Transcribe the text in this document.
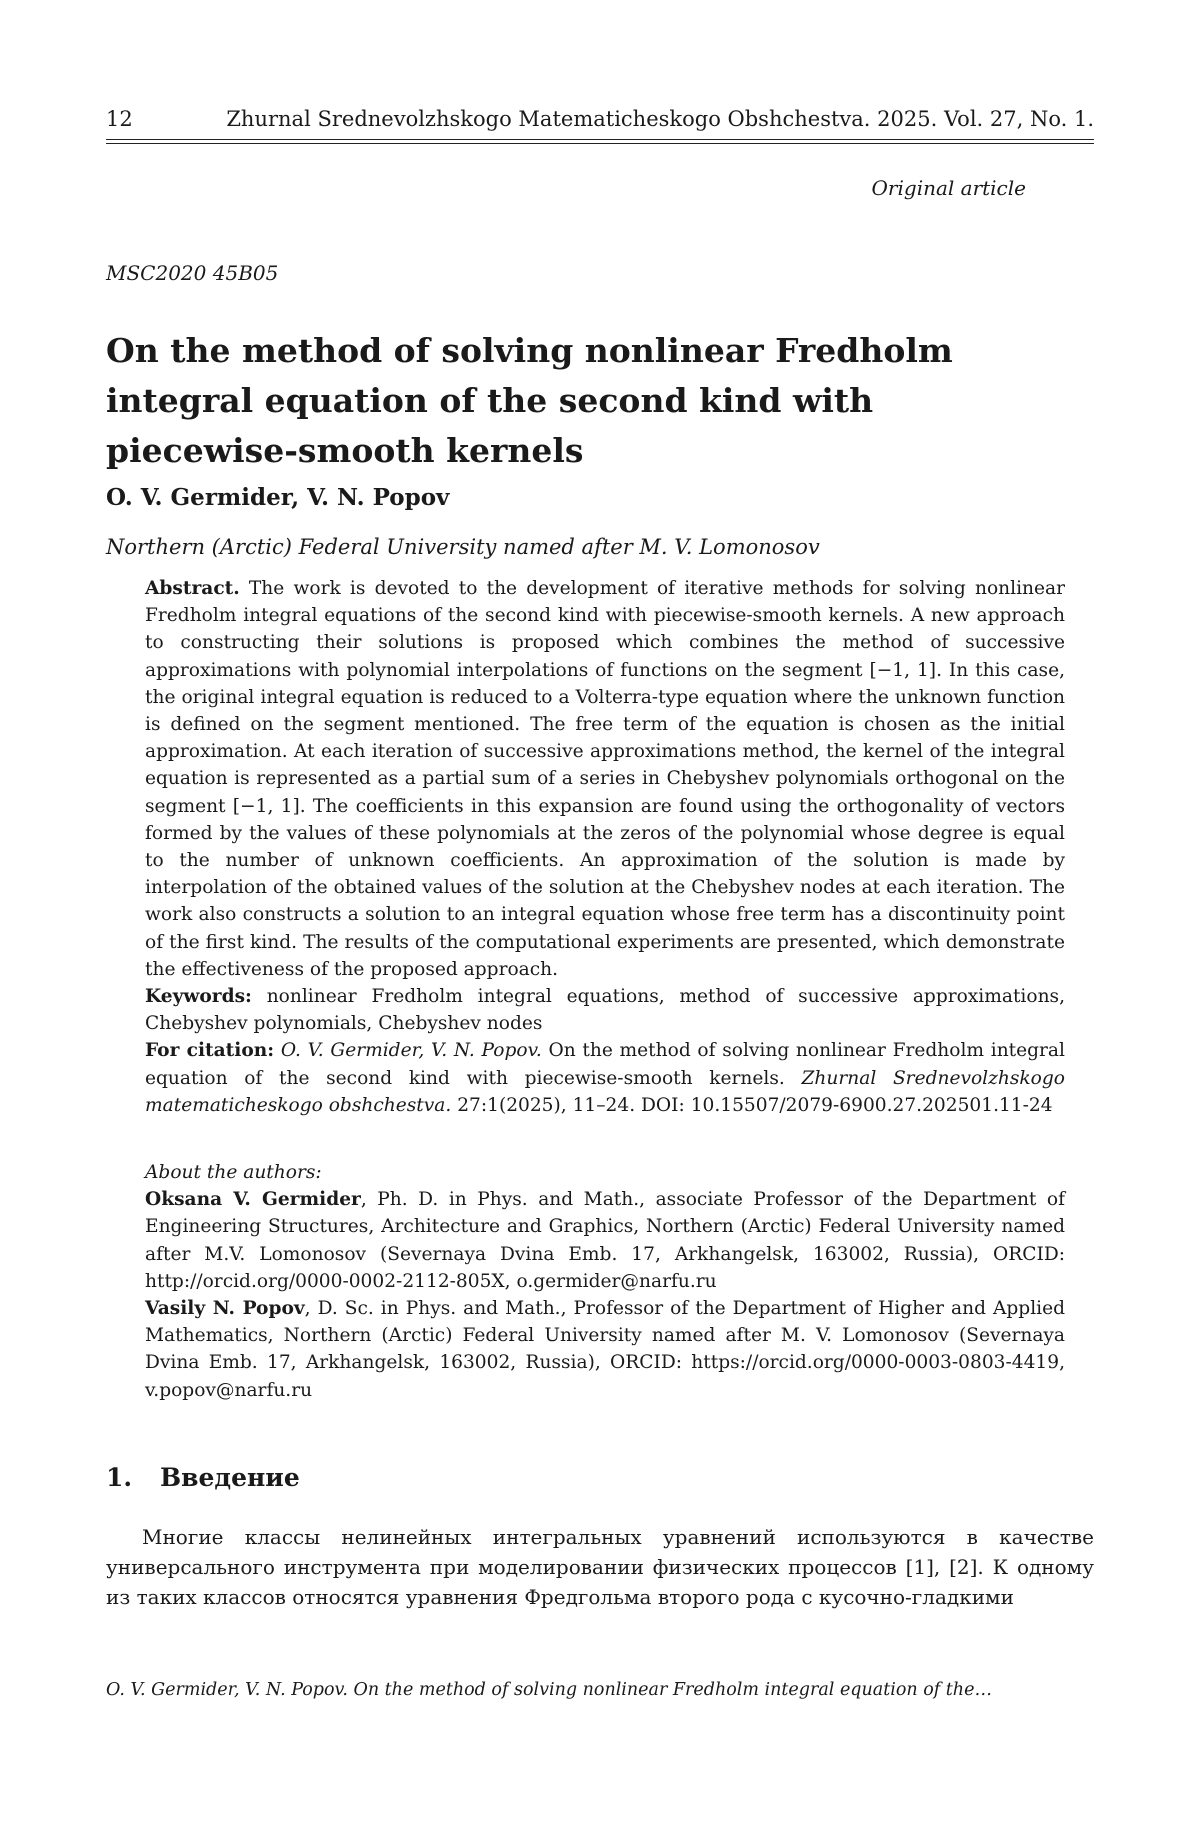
12	Zhurnal Srednevolzhskogo Matematicheskogo Obshchestva. 2025. Vol. 27, No. 1.
Original article
MSC2020 45B05
On the method of solving nonlinear Fredholm integral equation of the second kind with piecewise-smooth kernels
O. V. Germider, V. N. Popov
Northern (Arctic) Federal University named after M. V. Lomonosov

Abstract. The work is devoted to the development of iterative methods for solving nonlinear Fredholm integral equations of the second kind with piecewise-smooth kernels. A new approach to constructing their solutions is proposed which combines the method of successive approximations with polynomial interpolations of functions on the segment [−1, 1]. In this case, the original integral equation is reduced to a Volterra-type equation where the unknown function is defined on the segment mentioned. The free term of the equation is chosen as the initial approximation. At each iteration of successive approximations method, the kernel of the integral equation is represented as a partial sum of a series in Chebyshev polynomials orthogonal on the segment [−1, 1]. The coefficients in this expansion are found using the orthogonality of vectors formed by the values of these polynomials at the zeros of the polynomial whose degree is equal to the number of unknown coefficients. An approximation of the solution is made by interpolation of the obtained values of the solution at the Chebyshev nodes at each iteration. The work also constructs a solution to an integral equation whose free term has a discontinuity point of the first kind. The results of the computational experiments are presented, which demonstrate the effectiveness of the proposed approach.

Keywords: nonlinear Fredholm integral equations, method of successive approximations, Chebyshev polynomials, Chebyshev nodes

For citation: O. V. Germider, V. N. Popov. On the method of solving nonlinear Fredholm integral equation of the second kind with piecewise-smooth kernels. Zhurnal Srednevolzhskogo matematicheskogo obshchestva. 27:1(2025), 11–24. DOI: 10.15507/2079-6900.27.202501.11-24

About the authors:

Oksana V. Germider, Ph. D. in Phys. and Math., associate Professor of the Department of Engineering Structures, Architecture and Graphics, Northern (Arctic) Federal University named after M.V. Lomonosov (Severnaya Dvina Emb. 17, Arkhangelsk, 163002, Russia), ORCID: http://orcid.org/0000-0002-2112-805X, o.germider@narfu.ru

Vasily N. Popov, D. Sc. in Phys. and Math., Professor of the Department of Higher and Applied Mathematics, Northern (Arctic) Federal University named after M. V. Lomonosov (Severnaya Dvina Emb. 17, Arkhangelsk, 163002, Russia), ORCID: https://orcid.org/0000-0003-0803-4419, v.popov@narfu.ru

1. Введение

Многие классы нелинейных интегральных уравнений используются в качестве универсального инструмента при моделировании физических процессов [1], [2]. К одному из таких классов относятся уравнения Фредгольма второго рода с кусочно-гладкими

O. V. Germider, V. N. Popov. On the method of solving nonlinear Fredholm integral equation of the…
